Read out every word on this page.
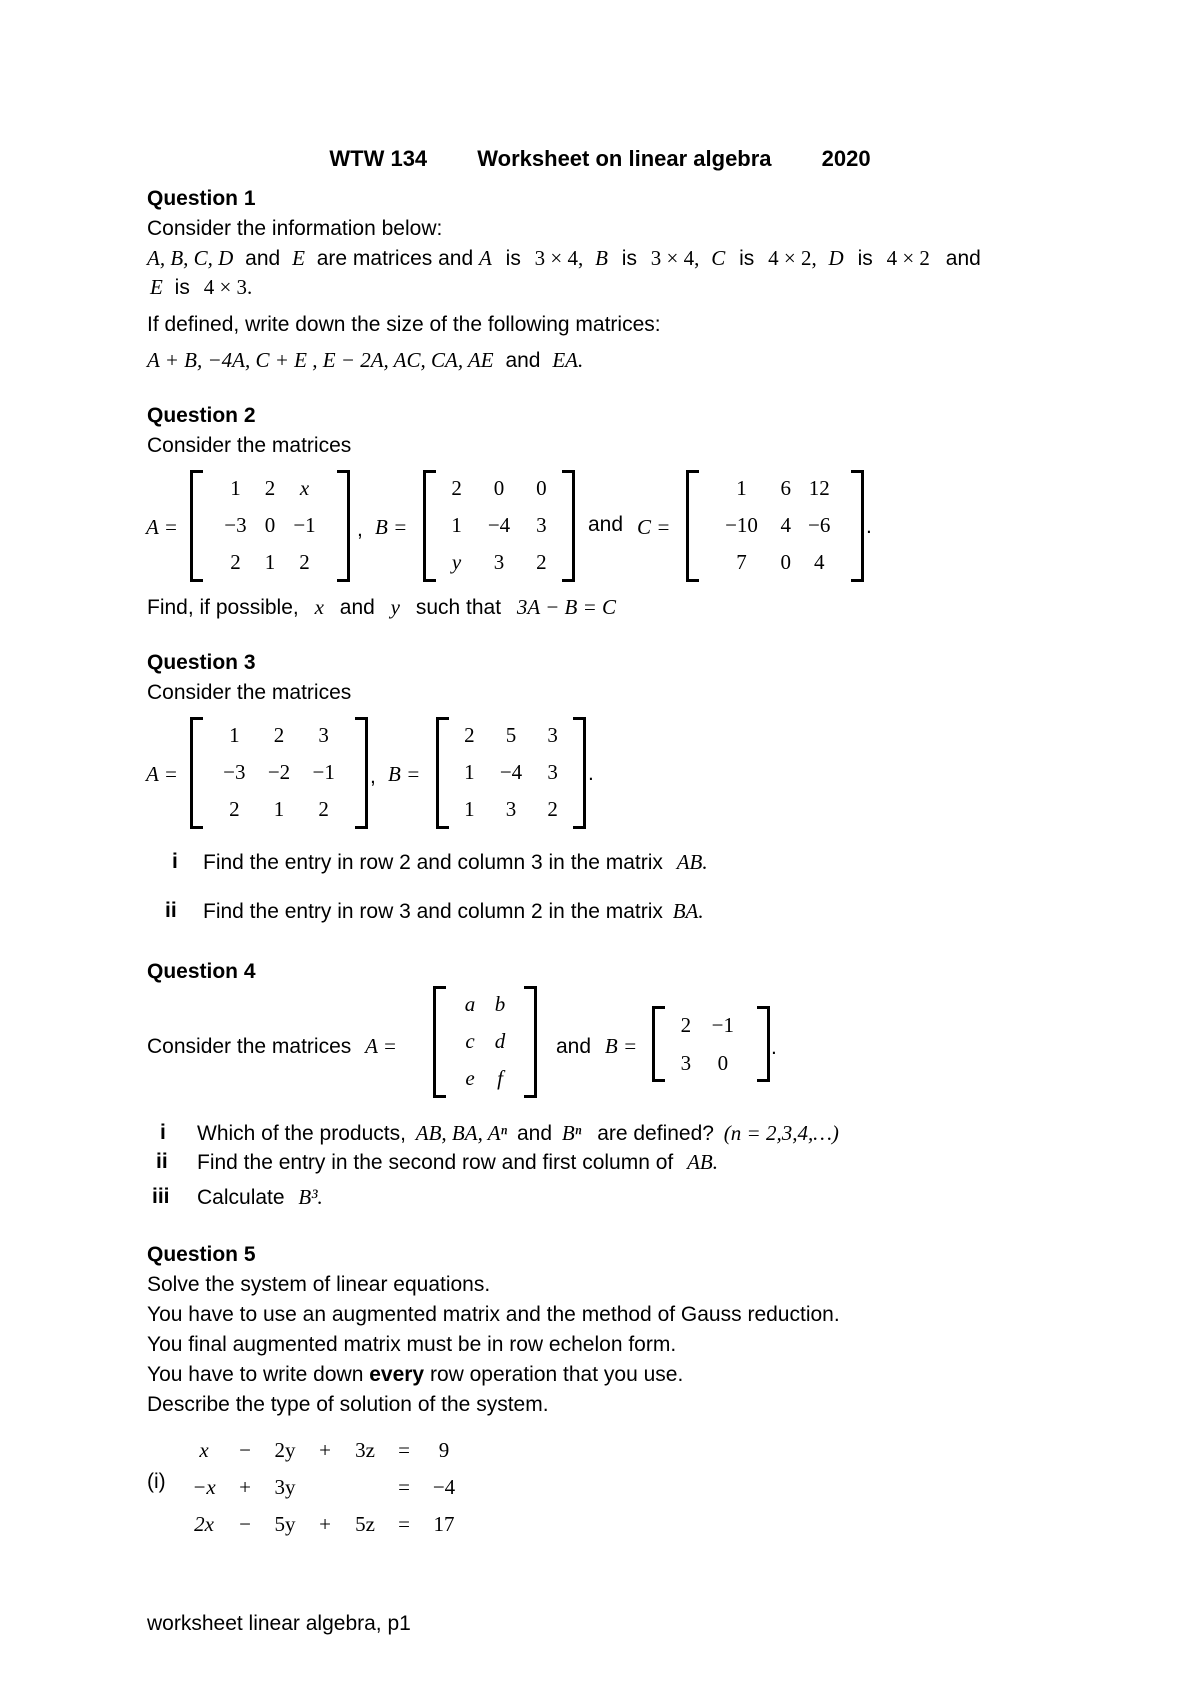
WTW 134 Worksheet on linear algebra 2020
Question 1
Consider the information below:
A, B, C, D and E are matrices and A is 3 × 4, B is 3 × 4, C is 4 × 2, D is 4 × 2 and
E is 4 × 3.
If defined, write down the size of the following matrices:
A + B, −4A, C + E , E − 2A, AC, CA, AE and EA.
Question 2
Consider the matrices
A =
1	2	x
−3	0	−1
2	1	2
, B =
2	0	0
1	−4	3
y	3	2
and C =
1	6	12
−10	4	−6
7	0	4
.
Find, if possible, x and y such that 3A − B = C
Question 3
Consider the matrices
A =
1	2	3
−3	−2	−1
2	1	2
, B =
2	5	3
1	−4	3
1	3	2
.
i Find the entry in row 2 and column 3 in the matrix AB.
ii Find the entry in row 3 and column 2 in the matrix BA.
Question 4
Consider the matrices A =
a	b
c	d
e	f
and B =
2	−1
3	0
.
i Which of the products, AB, BA, Aⁿ and Bⁿ are defined? (n = 2,3,4,…)
ii Find the entry in the second row and first column of AB.
iii Calculate B³.
Question 5
Solve the system of linear equations.
You have to use an augmented matrix and the method of Gauss reduction.
You final augmented matrix must be in row echelon form.
You have to write down every row operation that you use.
Describe the type of solution of the system.
(i)
x	−	2y	+	3z	=	9
−x	+	3y			=	−4
2x	−	5y	+	5z	=	17
worksheet linear algebra, p1
